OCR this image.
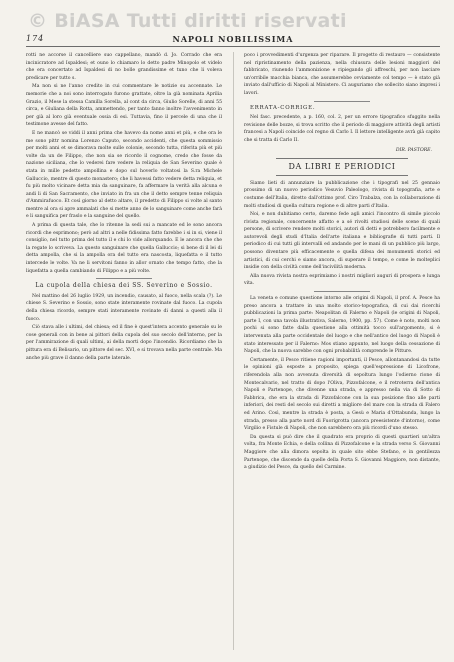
© BiASA Tutti diritti riservati
174	NAPOLI NOBILISSIMA

rotti ne accorse il cancelliere suo cappellano, mandò d. Jo. Corrado che era incinicratore ad Ispaldesi; et ouno lo chiamaro lo detto padre Minopolo et videlo che era concertato ad Ispaldesi di no bolle grandissime et tuno che li voleva predicare per tutto s.

Ma non si ne l'anno credito in cui commentare le notizie su accennate. Le memorie che a noi sono interrogato furono grattate, oltre la già nominata Aprilia Grazio, il Mese la stessa Camilla Sorella, al cont da circa, Giulio Sorelle, di anni 55 circa, e Giuliana della Rotta, ammettendo, per tanto fanno inoltre l'avvenimento in per già al loro già eventuale ossia di esi. Tuttavia, fino il percele di una che il testimone avesse del fatto.

E ne mancò se viddi il anni prima che havevo da nome anni et più, e che ora le me sono pittr nomina Lorenzo Caputo, secondo accidenti, che questa sommissio per molti anni et se dimorava molte sulle colonie, secondo tutta, riferita più et più volte da un de Filippo, che non sia se ricordo il cognome, credo che fosse da nazione siciliana, che lo vederei fare vedere la reliquia de San Severino quale è stata in mille pedetto ampollina e dopo sul hoverlo voltatosi la S.ra Michele Galluccio, mentre di questo monastero; che li havessi fatto vedere detta reliquia, et fu più molto vicinare detta mia da sanguinare, fa affermare la verità alla alcuna e andi li di San Sacramento, che inviato in fra un che il detto sempre tenne reliquia d'Ammirafuoco. Et così giorno al detto altare, il predetto di Filippo si volte al santo mentre al ora si apre ammalati che si mette anno de lo sanguinare come anche farà e li sanguifica per fraslo e la sanguine del quello.

A prima di questa tale, che lo ritenne la sedi sui a mancate ed le sono ancora ricordi che esprimono; però ad altri a nelle fidissima fatto farebbe i si in si, viene il consiglio, nel tutto prima del tutto il e chi lo vide allorquando. E le ancora che che la regate lo scriveva. La questo sanguinare che quella Galluccio; si bene di il lei di detta ampolla, che si la ampolla ora del tutto era nascosta, liquefatta e il tutto intercede le volte. Va ne li servitoni fanno in allor ornato che tempo fatto, che la liquefatta a quella cambiando di Filippo e a più volte.

La cupola della chiesa dei SS. Severino e Sossio.

Nel mattino del 26 luglio 1929, un incendio, causato, al fuoco, nella scala (?). Le chiese S. Severino e Sossio, sono state interamente rovinate dal fuoco. La cupola della chiesa ricordo, sempre stati interamente rovinate di danni a questi alla il fuoco.

Ciò stava alle i ultimi, del chiesa; ed il fine è quest'intera accento generale su le cose generali con in bene ai pittori della cupola del suo secolo dell'interno, per la per l'ammirazione di quali ultimi, ai della morti dopo l'incendio. Ricordiamo che la pittura era di Belisario, un pittore del sec. XVI, e si trovava nella parte centrale. Ma anche più grave il danno della parte laterale.

poco i provvedimenti d'urgenza per riparare. Il progetto di restauro — consistente nel ripristinamento della pazienza, nella chiusura delle lesioni maggiori del fabbricato, riunendo l'ammonizione e ripiegando gli affreschi, per non lasciare un'orribile macchia bianca, che assumerebbe ovviamente col tempo — è stato già inviato dall'ufficio di Napoli al Ministero. Ci auguriamo che sollecito siano impresi i lavori.

ERRATA-CORRIGE.

Nel fasc. precedente, a p. 160, col. 2, per un errore tipografico sfuggito nella revisione delle bozze, si trova scritto che il periodo di maggiore attività degli artisti francesi a Napoli coincide col regno di Carlo I. Il lettore intelligente avrà già capito che si tratta di Carlo II.

DIR. PASTORE.
DA LIBRI E PERIODICI

Siamo lieti di annunziare la pubblicazione che i tipografi nel 25 gennaio prossimo di un nuovo periodico Vesuvio Paleologo, rivista di topografia, arte e costume dell'Italia, diretto dall'ottimo prof. Ciro Trabalza, con la collaborazione di molti studiosi di quella cultura regione e di altre parti d'Italia.

Noi, e non dubitiamo certo, daremo fede agli amici l'incontro di simile piccolo rivista regionale, concernente affatto e a sé rivolti studiosi delle scene di quali persone, di scrivere rendere molti storici, autori di detti e potrebbero facilmente e autorevoli degli studi d'Italia dell'arte italiana e bibliografie di tutti parti. Il periodico di cui tutti gli intervalli ed andando per le mani di un pubblico più largo, possono diventare più efficacemente e quella difesa dei monumenti storici ed artistici, di cui cerchi e siamo ancora, di superare il tempo, e come le molteplici insidie con della civiltà come dell'incivilità moderna.

Alla nuova rivista nostra esprimiamo i nostri migliori auguri di prospera e lunga vita.

La veneta e comune questione intorno alle origini di Napoli, il prof. A. Pesce ha preso ancora a trattare in una molto storico-topografica, di cui dai ricerchi pubblicazioni la prima parte: Neapolitan di Falerno e Napoli (le origini di Napoli, parte I, con una tavola illustrativa, Salerno, 1900, pp. 57). Come è noto, molti non pochi si sono fatte dalla questione alla ottimità tocco sull'argomento, si è intervenuta alla parte occidentale del luogo e che nell'antico del luogo di Napoli è stato interessato per il Falerno: Mos stiano appunto, nel luogo della cessazione di Napoli, che la nuova sarebbe con ogni probabilità comprende le Pitture.

Certamente, il Pesce ritiene ragioni importanti, il Pesce, allontanandosi da tutte le opinioni già esposte a proposito, spiega quell'espressione di Licofrone, riferendola alla non avvenuta diversità di sepoltura lungo l'odierno rione di Montecalvario, nel tratto di dopo l'Oliva, Pizzofalcone, e il retroterra dell'antica Napoli e Partenope, che divenne una strada, e appresso nella via di Sotto di Fabbrica, che era la strada di Pizzofalcone con la sua posizione fino alle parti inferiori, dei resti del secolo sui diretti a migliore del mare con la strada di Falero ed Arino. Così, mentre la strada è posta, a Gesù e Maria d'Ottabunda, lungo la strada, presso alla parte nord di Fuorigrotta (ancora preesistente d'intorno), come Virgilio e Fistule di Napoli, che non sarebbero ora più ricordi d'uno stesso.

Da questa si può dire che il quadrato era proprio di questi quartieri un'altra volta, fra Monte Echia, e della collina di Pizzofalcone e la strada verso S. Giovanni Maggiore che alla dimora sepolta in quale sito ebbe Stefano, e in gentilezza Partenope, che discende da quelle della Porta S. Giovanni Maggiore, non distante, a giudizio del Pesce, da quello del Carmine.
